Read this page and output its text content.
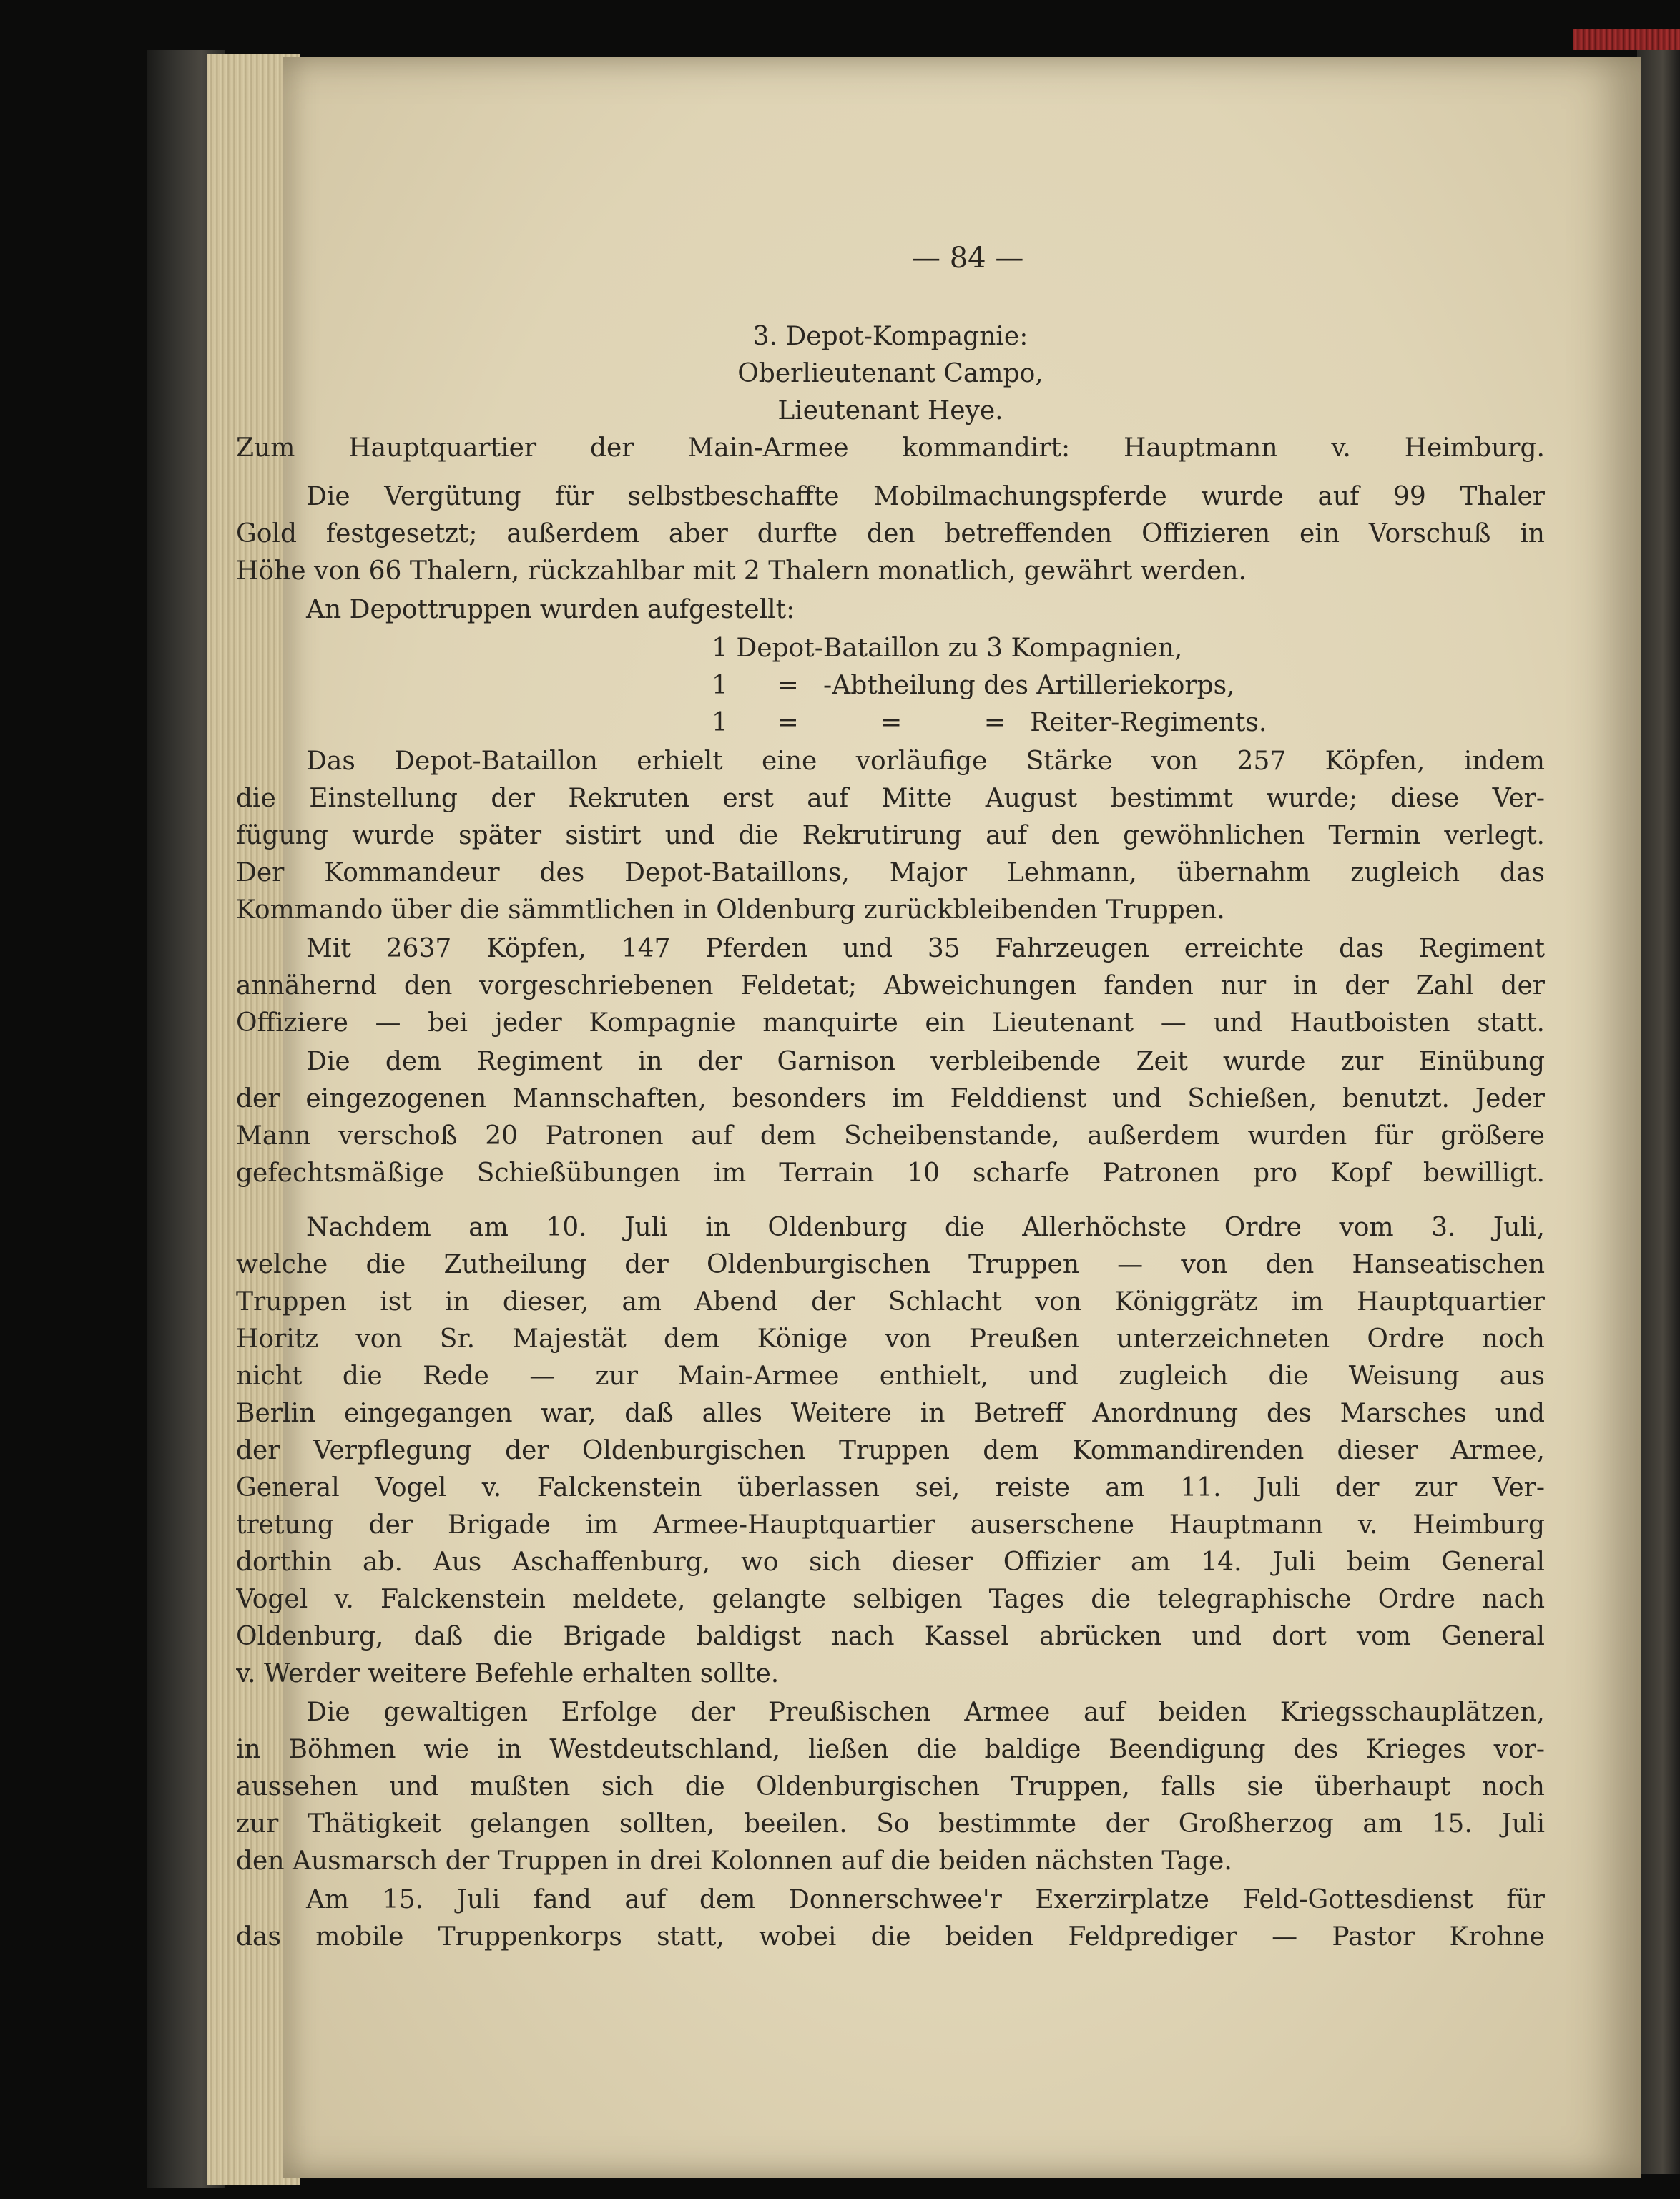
— 84 —
3. Depot-Kompagnie:
Oberlieutenant Campo,
Lieutenant Heye.
Zum Hauptquartier der Main-Armee kommandirt: Hauptmann v. Heimburg.
Die Vergütung für selbstbeschaffte Mobilmachungspferde wurde auf 99 Thaler
Gold festgesetzt; außerdem aber durfte den betreffenden Offizieren ein Vorschuß in
Höhe von 66 Thalern, rückzahlbar mit 2 Thalern monatlich, gewährt werden.
An Depottruppen wurden aufgestellt:
1 Depot-Bataillon zu 3 Kompagnien,
1      =   -Abtheilung des Artilleriekorps,
1      =          =          =   Reiter-Regiments.
Das Depot-Bataillon erhielt eine vorläufige Stärke von 257 Köpfen, indem
die Einstellung der Rekruten erst auf Mitte August bestimmt wurde; diese Ver-
fügung wurde später sistirt und die Rekrutirung auf den gewöhnlichen Termin verlegt.
Der Kommandeur des Depot-Bataillons, Major Lehmann, übernahm zugleich das
Kommando über die sämmtlichen in Oldenburg zurückbleibenden Truppen.
Mit 2637 Köpfen, 147 Pferden und 35 Fahrzeugen erreichte das Regiment
annähernd den vorgeschriebenen Feldetat; Abweichungen fanden nur in der Zahl der
Offiziere — bei jeder Kompagnie manquirte ein Lieutenant — und Hautboisten statt.
Die dem Regiment in der Garnison verbleibende Zeit wurde zur Einübung
der eingezogenen Mannschaften, besonders im Felddienst und Schießen, benutzt. Jeder
Mann verschoß 20 Patronen auf dem Scheibenstande, außerdem wurden für größere
gefechtsmäßige Schießübungen im Terrain 10 scharfe Patronen pro Kopf bewilligt.
Nachdem am 10. Juli in Oldenburg die Allerhöchste Ordre vom 3. Juli,
welche die Zutheilung der Oldenburgischen Truppen — von den Hanseatischen
Truppen ist in dieser, am Abend der Schlacht von Königgrätz im Hauptquartier
Horitz von Sr. Majestät dem Könige von Preußen unterzeichneten Ordre noch
nicht die Rede — zur Main-Armee enthielt, und zugleich die Weisung aus
Berlin eingegangen war, daß alles Weitere in Betreff Anordnung des Marsches und
der Verpflegung der Oldenburgischen Truppen dem Kommandirenden dieser Armee,
General Vogel v. Falckenstein überlassen sei, reiste am 11. Juli der zur Ver-
tretung der Brigade im Armee-Hauptquartier auserschene Hauptmann v. Heimburg
dorthin ab. Aus Aschaffenburg, wo sich dieser Offizier am 14. Juli beim General
Vogel v. Falckenstein meldete, gelangte selbigen Tages die telegraphische Ordre nach
Oldenburg, daß die Brigade baldigst nach Kassel abrücken und dort vom General
v. Werder weitere Befehle erhalten sollte.
Die gewaltigen Erfolge der Preußischen Armee auf beiden Kriegsschauplätzen,
in Böhmen wie in Westdeutschland, ließen die baldige Beendigung des Krieges vor-
aussehen und mußten sich die Oldenburgischen Truppen, falls sie überhaupt noch
zur Thätigkeit gelangen sollten, beeilen. So bestimmte der Großherzog am 15. Juli
den Ausmarsch der Truppen in drei Kolonnen auf die beiden nächsten Tage.
Am 15. Juli fand auf dem Donnerschwee'r Exerzirplatze Feld-Gottesdienst für
das mobile Truppenkorps statt, wobei die beiden Feldprediger — Pastor Krohne
